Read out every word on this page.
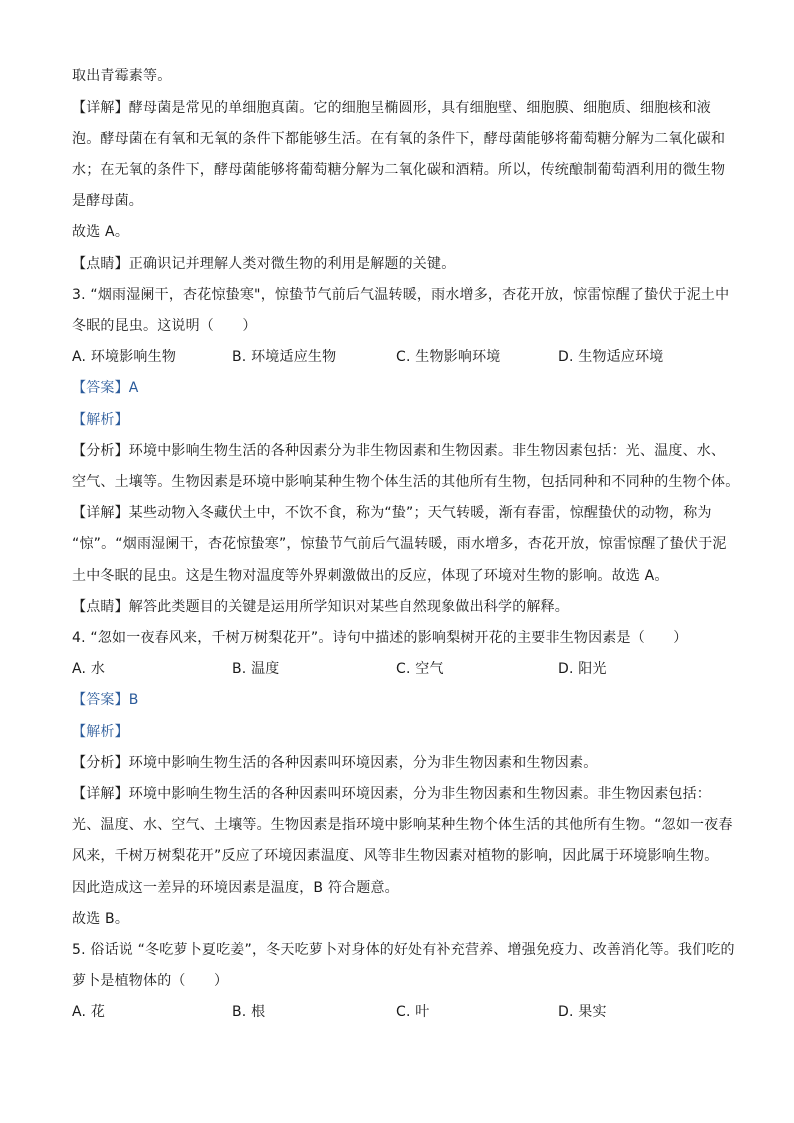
取出青霉素等。
【详解】酵母菌是常见的单细胞真菌。它的细胞呈椭圆形，具有细胞壁、细胞膜、细胞质、细胞核和液
泡。酵母菌在有氧和无氧的条件下都能够生活。在有氧的条件下，酵母菌能够将葡萄糖分解为二氧化碳和
水；在无氧的条件下，酵母菌能够将葡萄糖分解为二氧化碳和酒精。所以，传统酿制葡萄酒利用的微生物
是酵母菌。
故选 A。
【点睛】正确识记并理解人类对微生物的利用是解题的关键。
3. “烟雨湿阑干，杏花惊蛰寒"，惊蛰节气前后气温转暖，雨水增多，杏花开放，惊雷惊醒了蛰伏于泥土中
冬眠的昆虫。这说明（　　）
A. 环境影响生物	B. 环境适应生物	C. 生物影响环境	D. 生物适应环境
【答案】A
【解析】
【分析】环境中影响生物生活的各种因素分为非生物因素和生物因素。非生物因素包括：光、温度、水、
空气、土壤等。生物因素是环境中影响某种生物个体生活的其他所有生物，包括同种和不同种的生物个体。
【详解】某些动物入冬藏伏土中，不饮不食，称为“蛰”；天气转暖，渐有春雷，惊醒蛰伏的动物，称为
“惊”。“烟雨湿阑干，杏花惊蛰寒”，惊蛰节气前后气温转暖，雨水增多，杏花开放，惊雷惊醒了蛰伏于泥
土中冬眠的昆虫。这是生物对温度等外界刺激做出的反应，体现了环境对生物的影响。故选 A。
【点睛】解答此类题目的关键是运用所学知识对某些自然现象做出科学的解释。
4. “忽如一夜春风来，千树万树梨花开”。诗句中描述的影响梨树开花的主要非生物因素是（　　）
A. 水	B. 温度	C. 空气	D. 阳光
【答案】B
【解析】
【分析】环境中影响生物生活的各种因素叫环境因素，分为非生物因素和生物因素。
【详解】环境中影响生物生活的各种因素叫环境因素，分为非生物因素和生物因素。非生物因素包括：
光、温度、水、空气、土壤等。生物因素是指环境中影响某种生物个体生活的其他所有生物。“忽如一夜春
风来，千树万树梨花开”反应了环境因素温度、风等非生物因素对植物的影响，因此属于环境影响生物。
因此造成这一差异的环境因素是温度，B 符合题意。
故选 B。
5. 俗话说 “冬吃萝卜夏吃姜”，冬天吃萝卜对身体的好处有补充营养、增强免疫力、改善消化等。我们吃的
萝卜是植物体的（　　）
A. 花	B. 根	C. 叶	D. 果实
